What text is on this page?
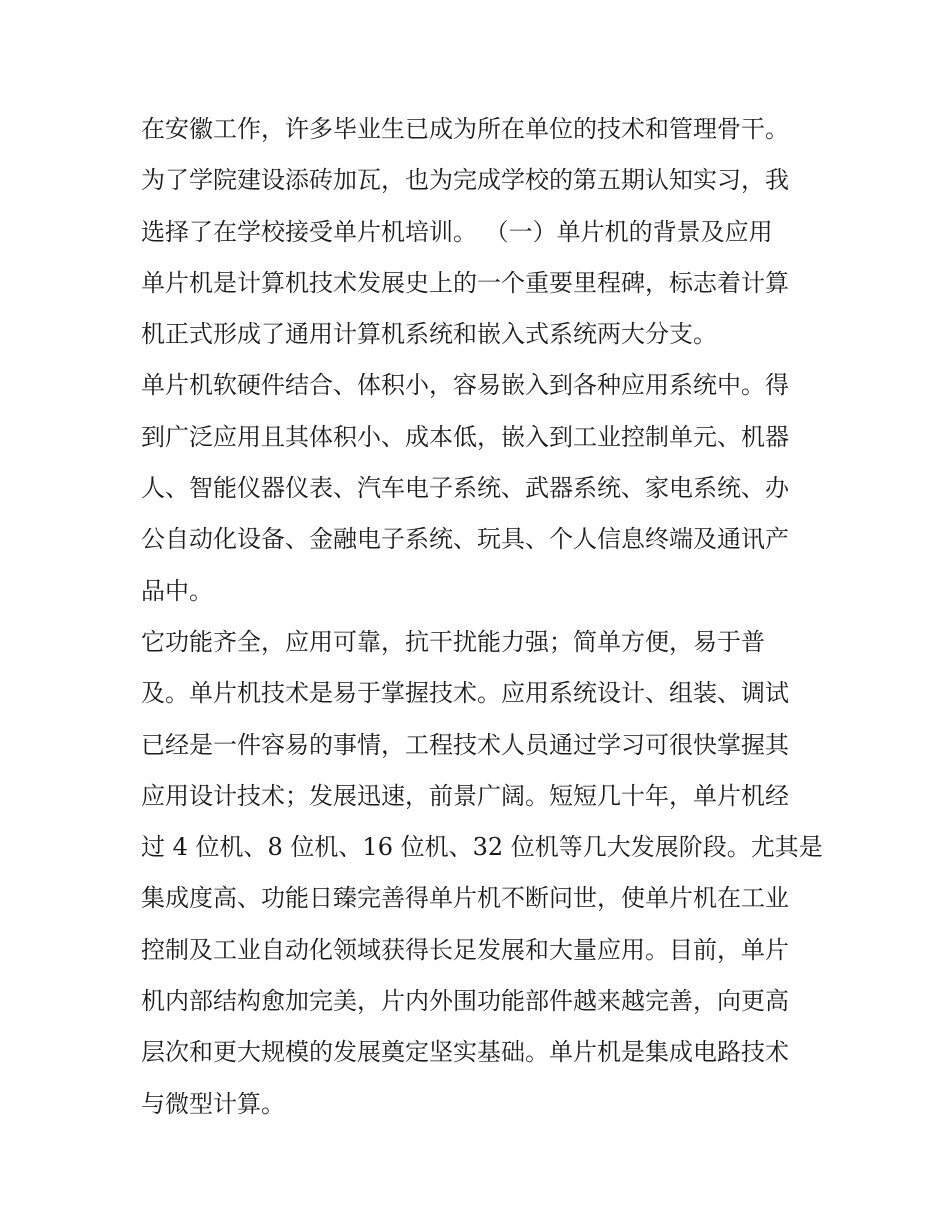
在安徽工作，许多毕业生已成为所在单位的技术和管理骨干。
为了学院建设添砖加瓦，也为完成学校的第五期认知实习，我
选择了在学校接受单片机培训。 （一）单片机的背景及应用
单片机是计算机技术发展史上的一个重要里程碑，标志着计算
机正式形成了通用计算机系统和嵌入式系统两大分支。
单片机软硬件结合、体积小，容易嵌入到各种应用系统中。得
到广泛应用且其体积小、成本低，嵌入到工业控制单元、机器
人、智能仪器仪表、汽车电子系统、武器系统、家电系统、办
公自动化设备、金融电子系统、玩具、个人信息终端及通讯产
品中。
它功能齐全，应用可靠，抗干扰能力强；简单方便，易于普
及。单片机技术是易于掌握技术。应用系统设计、组装、调试
已经是一件容易的事情，工程技术人员通过学习可很快掌握其
应用设计技术；发展迅速，前景广阔。短短几十年，单片机经
过 4 位机、8 位机、16 位机、32 位机等几大发展阶段。尤其是
集成度高、功能日臻完善得单片机不断问世，使单片机在工业
控制及工业自动化领域获得长足发展和大量应用。目前，单片
机内部结构愈加完美，片内外围功能部件越来越完善，向更高
层次和更大规模的发展奠定坚实基础。单片机是集成电路技术
与微型计算。
